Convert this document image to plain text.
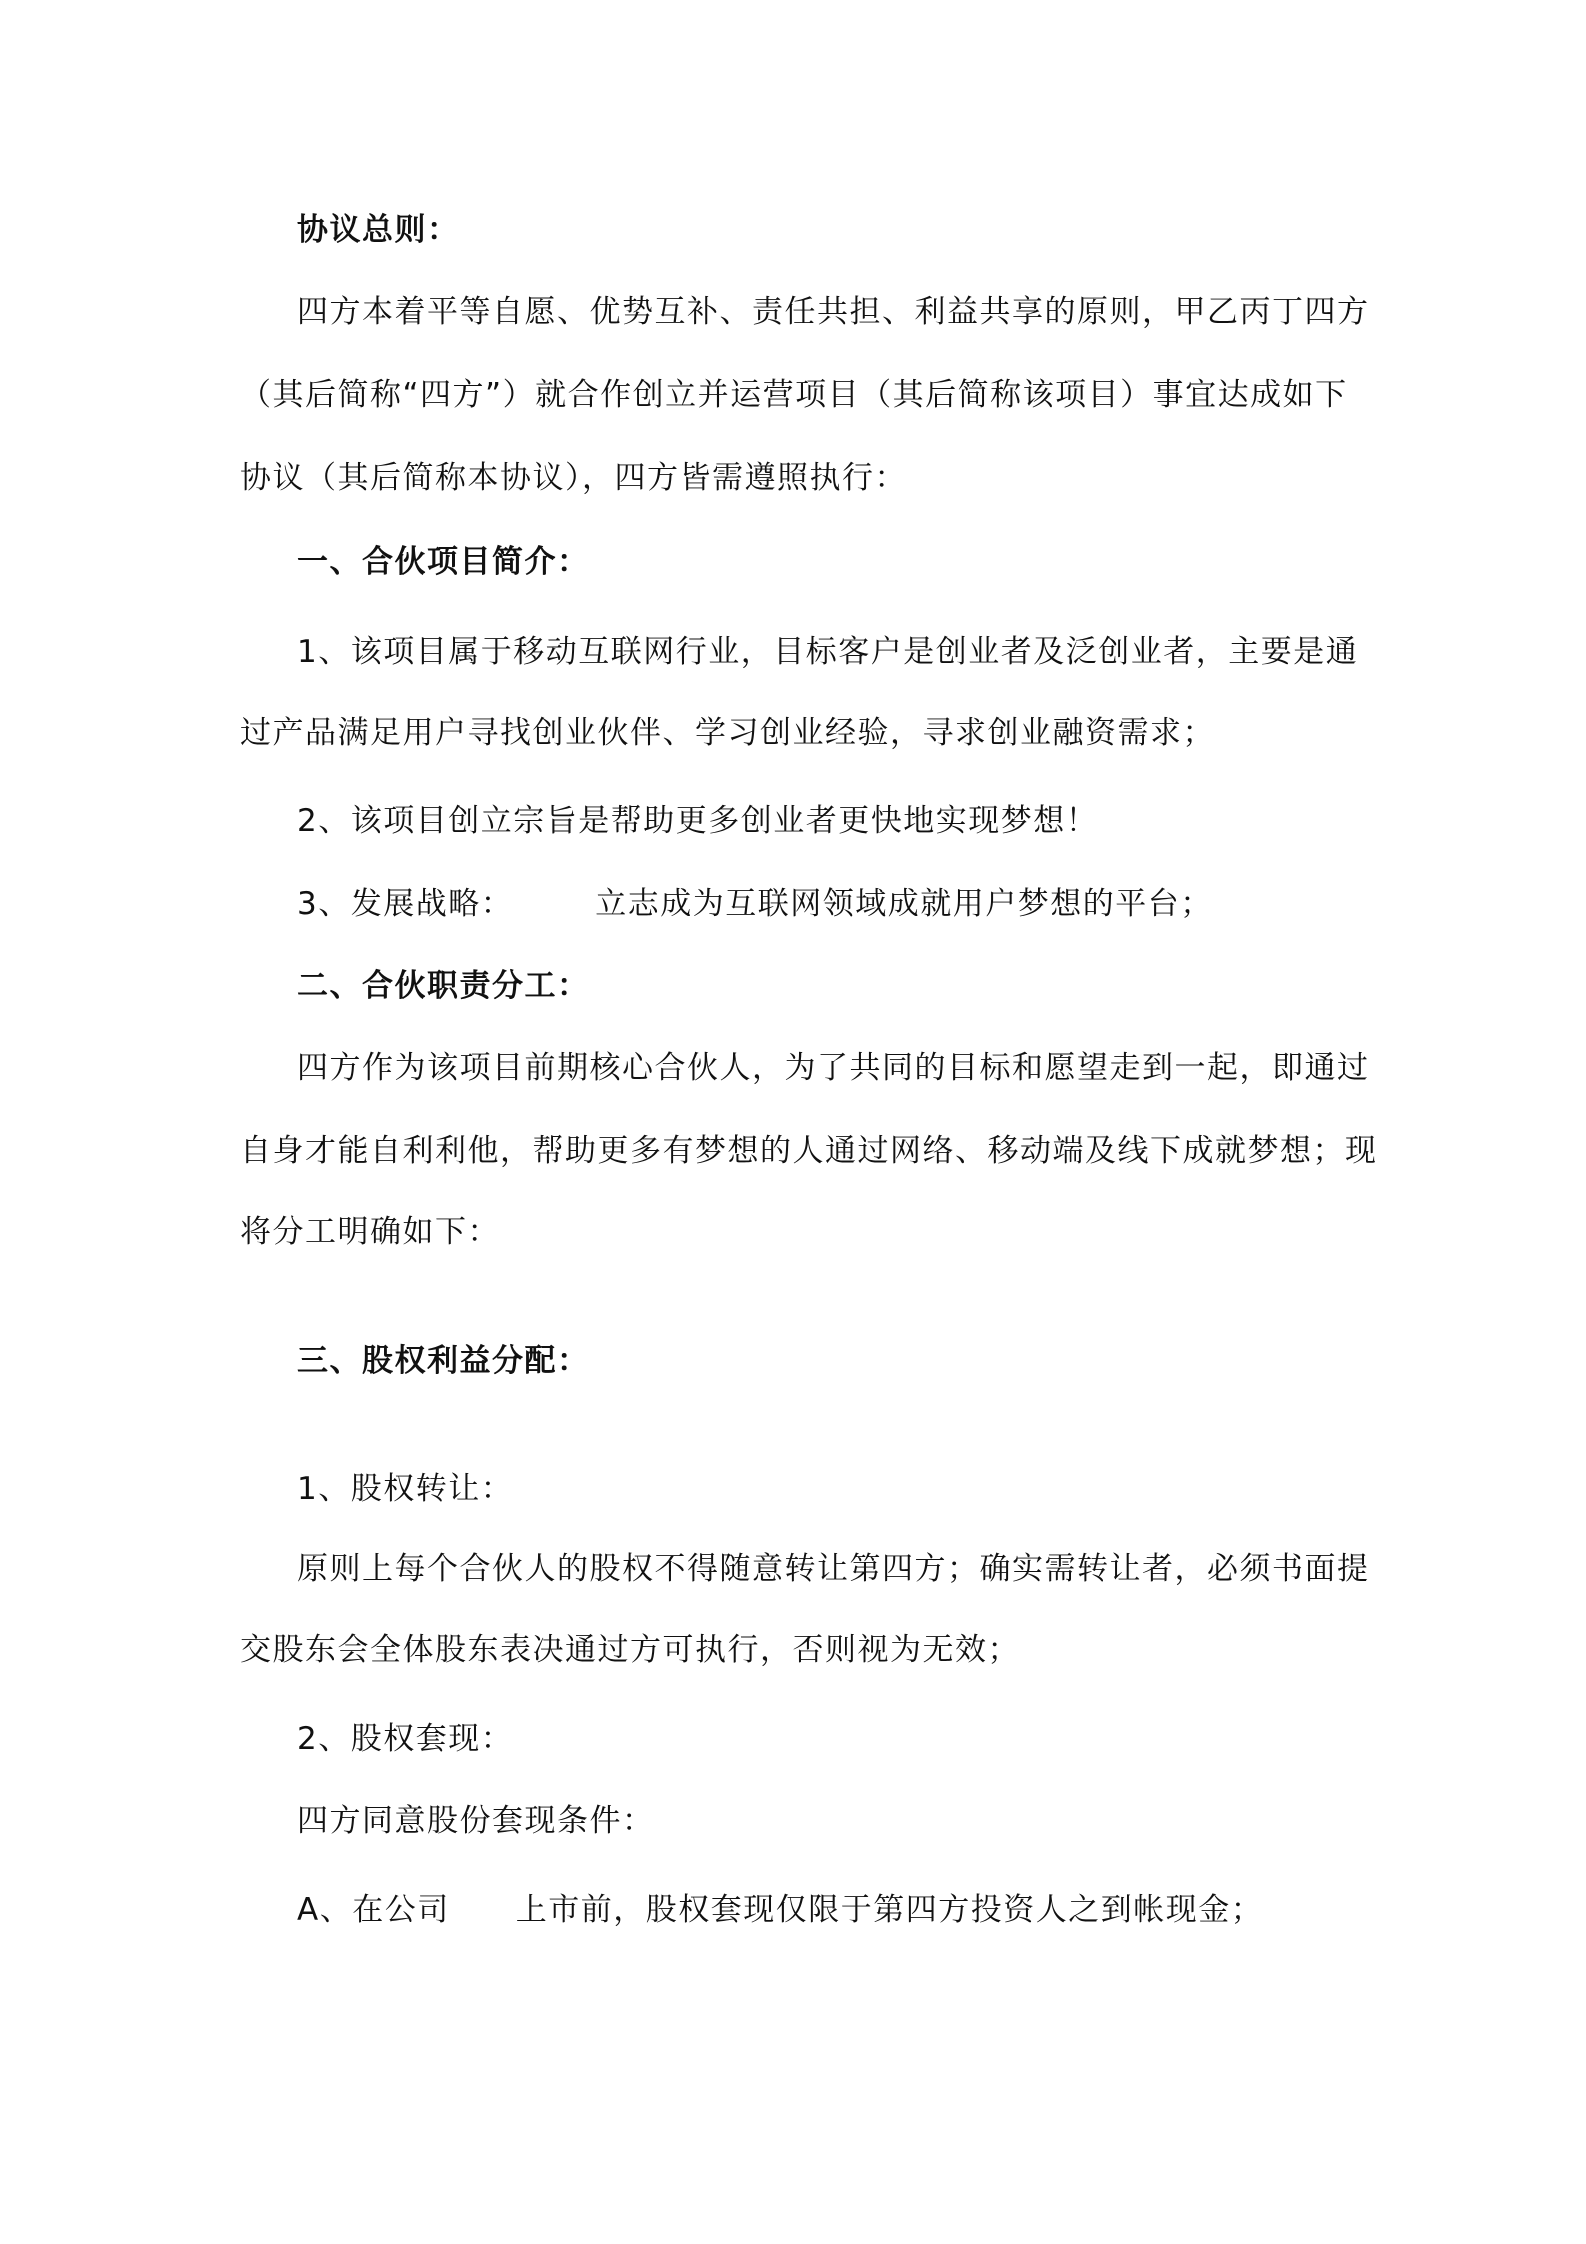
协议总则：
四方本着平等自愿、优势互补、责任共担、利益共享的原则，甲乙丙丁四方
（其后简称“四方”）就合作创立并运营项目（其后简称该项目）事宜达成如下
协议（其后简称本协议），四方皆需遵照执行：
一、合伙项目简介：
1、该项目属于移动互联网行业，目标客户是创业者及泛创业者，主要是通
过产品满足用户寻找创业伙伴、学习创业经验，寻求创业融资需求；
2、该项目创立宗旨是帮助更多创业者更快地实现梦想！
3、发展战略：	立志成为互联网领域成就用户梦想的平台；
二、合伙职责分工：
四方作为该项目前期核心合伙人，为了共同的目标和愿望走到一起，即通过
自身才能自利利他，帮助更多有梦想的人通过网络、移动端及线下成就梦想；现
将分工明确如下：
三、股权利益分配：
1、股权转让：
原则上每个合伙人的股权不得随意转让第四方；确实需转让者，必须书面提
交股东会全体股东表决通过方可执行，否则视为无效；
2、股权套现：
四方同意股份套现条件：
A、在公司 上市前，股权套现仅限于第四方投资人之到帐现金；
